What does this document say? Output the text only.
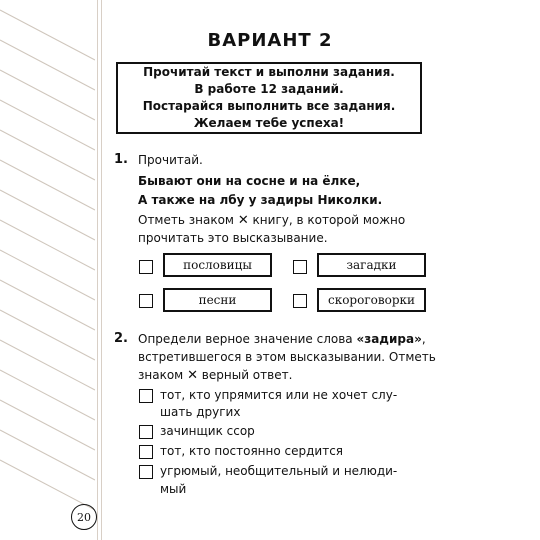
ВАРИАНТ 2
Прочитай текст и выполни задания.
В работе 12 заданий.
Постарайся выполнить все задания.
Желаем тебе успеха!
1. Прочитай.
Бывают они на сосне и на ёлке,
А также на лбу у задиры Николки.
Отметь знаком ✕ книгу, в которой можно
прочитать это высказывание.
пословицы	загадки
песни	скороговорки
2. Определи верное значение слова «задира»,
встретившегося в этом высказывании. Отметь
знаком ✕ верный ответ.
тот, кто упрямится или не хочет слу-
шать других
зачинщик ссор
тот, кто постоянно сердится
угрюмый, необщительный и нелюди-
мый
20
